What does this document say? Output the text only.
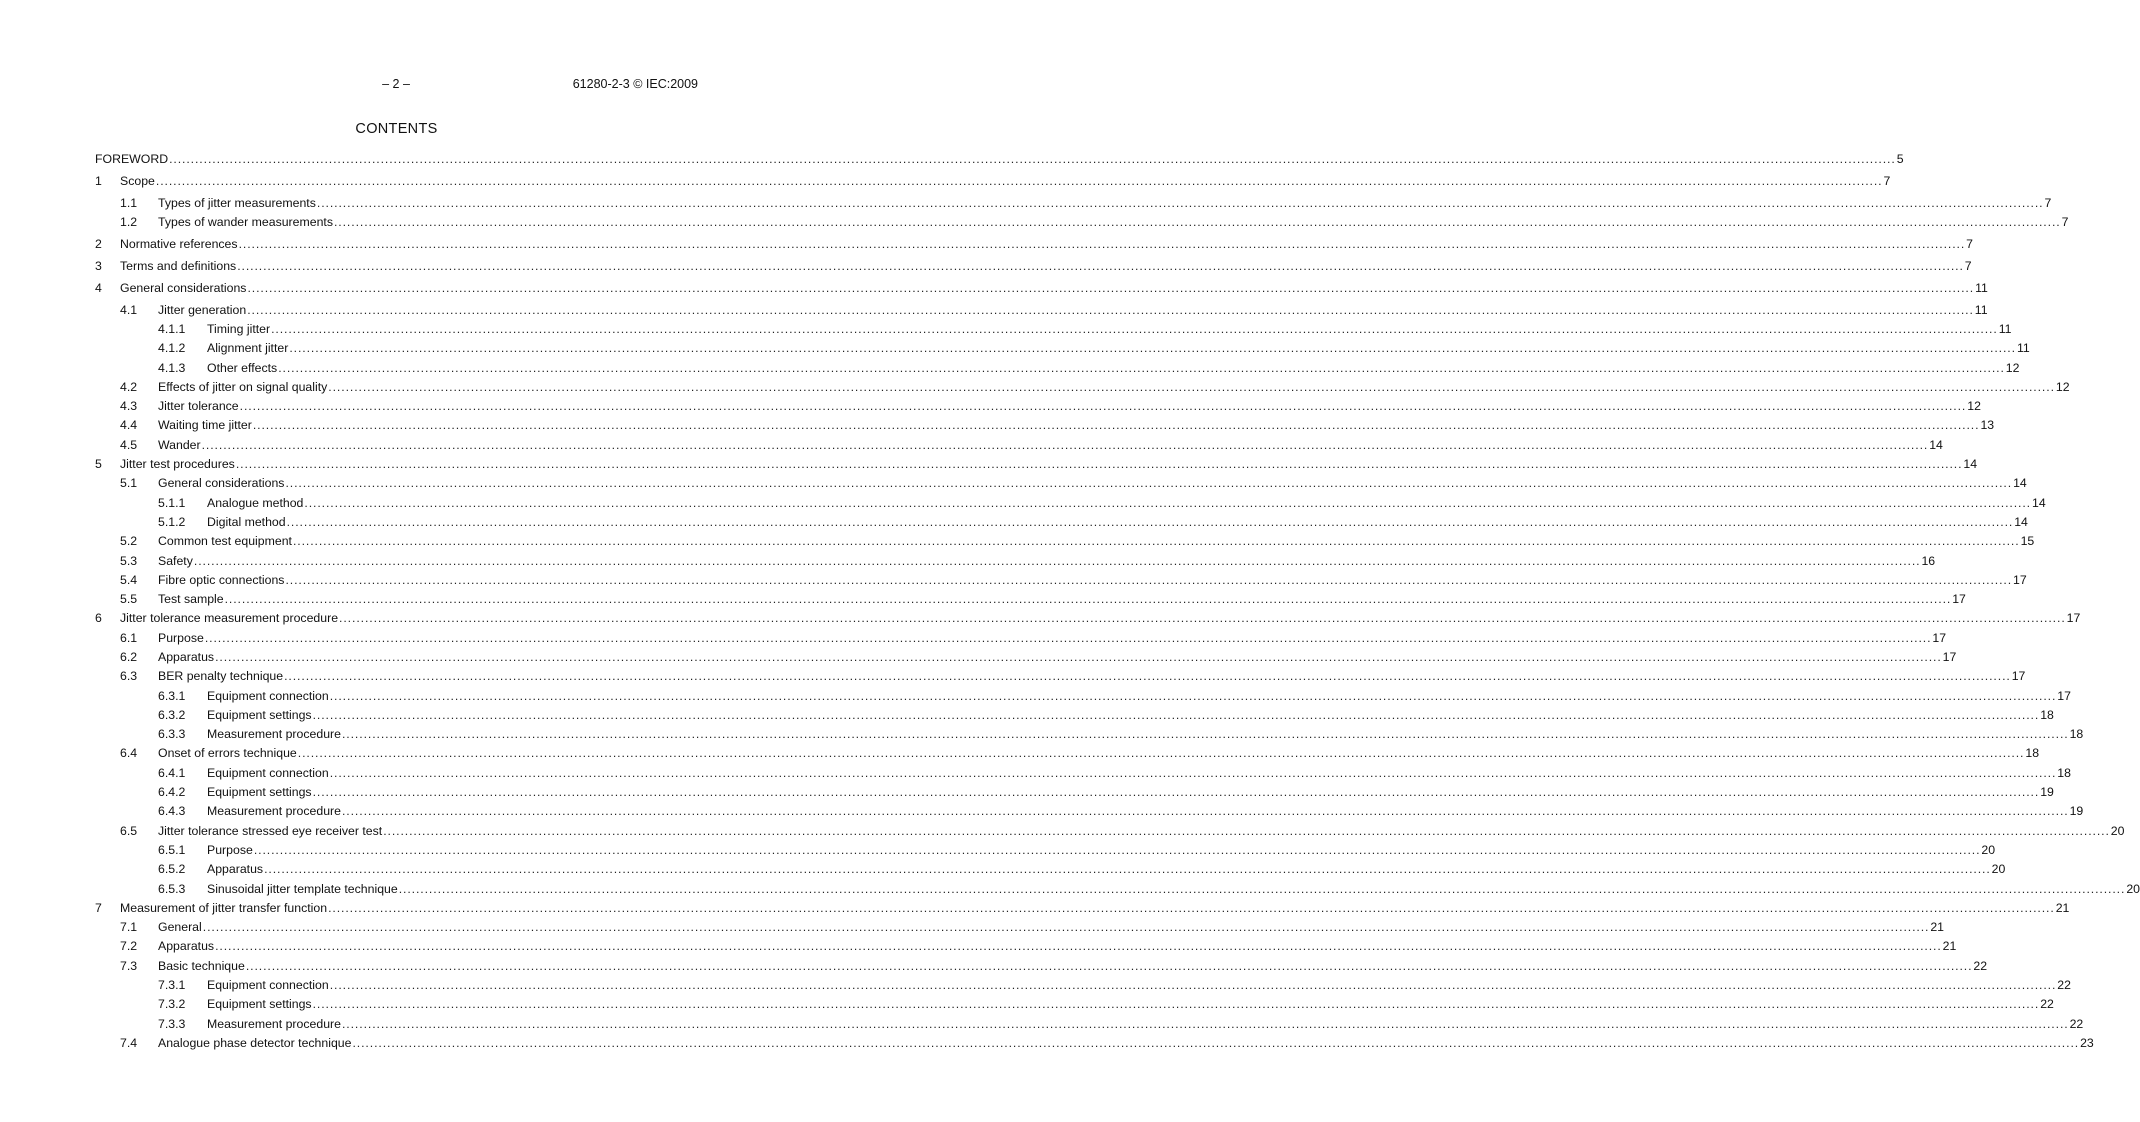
– 2 –	61280-2-3 © IEC:2009
CONTENTS
FOREWORD ................................................................................................................................................................................................................................................................................................................................................................................................................ 5
1 Scope ................................................................................................................................................................................................................................................................................................................................................................................................................ 7
1.1 Types of jitter measurements ................................................................................................................................................................................................................................................................................................................................................................................................................ 7
1.2 Types of wander measurements ................................................................................................................................................................................................................................................................................................................................................................................................................ 7
2 Normative references ................................................................................................................................................................................................................................................................................................................................................................................................................ 7
3 Terms and definitions ................................................................................................................................................................................................................................................................................................................................................................................................................ 7
4 General considerations ................................................................................................................................................................................................................................................................................................................................................................................................................ 11
4.1 Jitter generation ................................................................................................................................................................................................................................................................................................................................................................................................................ 11
4.1.1 Timing jitter ................................................................................................................................................................................................................................................................................................................................................................................................................ 11
4.1.2 Alignment jitter ................................................................................................................................................................................................................................................................................................................................................................................................................ 11
4.1.3 Other effects ................................................................................................................................................................................................................................................................................................................................................................................................................ 12
4.2 Effects of jitter on signal quality ................................................................................................................................................................................................................................................................................................................................................................................................................ 12
4.3 Jitter tolerance ................................................................................................................................................................................................................................................................................................................................................................................................................ 12
4.4 Waiting time jitter ................................................................................................................................................................................................................................................................................................................................................................................................................ 13
4.5 Wander ................................................................................................................................................................................................................................................................................................................................................................................................................ 14
5 Jitter test procedures ................................................................................................................................................................................................................................................................................................................................................................................................................ 14
5.1 General considerations ................................................................................................................................................................................................................................................................................................................................................................................................................ 14
5.1.1 Analogue method ................................................................................................................................................................................................................................................................................................................................................................................................................ 14
5.1.2 Digital method ................................................................................................................................................................................................................................................................................................................................................................................................................ 14
5.2 Common test equipment ................................................................................................................................................................................................................................................................................................................................................................................................................ 15
5.3 Safety ................................................................................................................................................................................................................................................................................................................................................................................................................ 16
5.4 Fibre optic connections ................................................................................................................................................................................................................................................................................................................................................................................................................ 17
5.5 Test sample ................................................................................................................................................................................................................................................................................................................................................................................................................ 17
6 Jitter tolerance measurement procedure ................................................................................................................................................................................................................................................................................................................................................................................................................ 17
6.1 Purpose ................................................................................................................................................................................................................................................................................................................................................................................................................ 17
6.2 Apparatus ................................................................................................................................................................................................................................................................................................................................................................................................................ 17
6.3 BER penalty technique ................................................................................................................................................................................................................................................................................................................................................................................................................ 17
6.3.1 Equipment connection ................................................................................................................................................................................................................................................................................................................................................................................................................ 17
6.3.2 Equipment settings ................................................................................................................................................................................................................................................................................................................................................................................................................ 18
6.3.3 Measurement procedure ................................................................................................................................................................................................................................................................................................................................................................................................................ 18
6.4 Onset of errors technique ................................................................................................................................................................................................................................................................................................................................................................................................................ 18
6.4.1 Equipment connection ................................................................................................................................................................................................................................................................................................................................................................................................................ 18
6.4.2 Equipment settings ................................................................................................................................................................................................................................................................................................................................................................................................................ 19
6.4.3 Measurement procedure ................................................................................................................................................................................................................................................................................................................................................................................................................ 19
6.5 Jitter tolerance stressed eye receiver test ................................................................................................................................................................................................................................................................................................................................................................................................................ 20
6.5.1 Purpose ................................................................................................................................................................................................................................................................................................................................................................................................................ 20
6.5.2 Apparatus ................................................................................................................................................................................................................................................................................................................................................................................................................ 20
6.5.3 Sinusoidal jitter template technique ................................................................................................................................................................................................................................................................................................................................................................................................................ 20
7 Measurement of jitter transfer function ................................................................................................................................................................................................................................................................................................................................................................................................................ 21
7.1 General ................................................................................................................................................................................................................................................................................................................................................................................................................ 21
7.2 Apparatus ................................................................................................................................................................................................................................................................................................................................................................................................................ 21
7.3 Basic technique ................................................................................................................................................................................................................................................................................................................................................................................................................ 22
7.3.1 Equipment connection ................................................................................................................................................................................................................................................................................................................................................................................................................ 22
7.3.2 Equipment settings ................................................................................................................................................................................................................................................................................................................................................................................................................ 22
7.3.3 Measurement procedure ................................................................................................................................................................................................................................................................................................................................................................................................................ 22
7.4 Analogue phase detector technique ................................................................................................................................................................................................................................................................................................................................................................................................................ 23
